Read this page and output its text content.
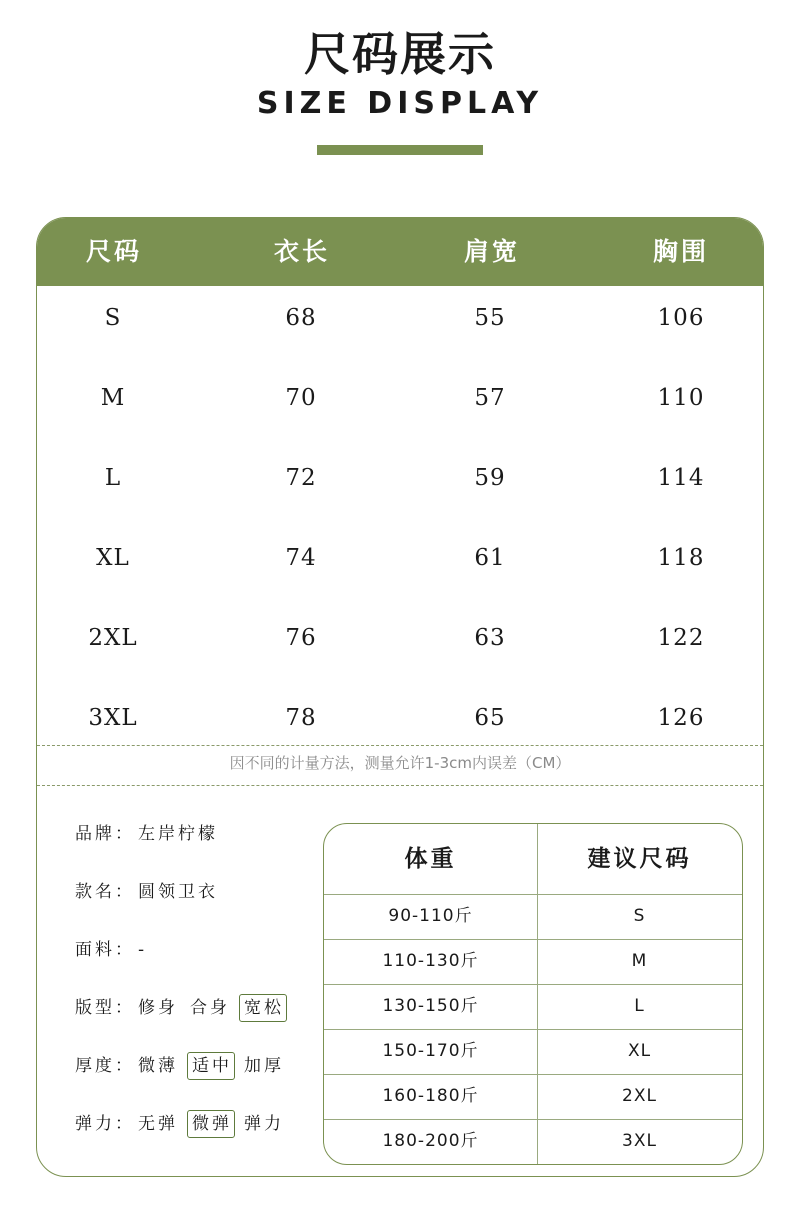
尺码展示
SIZE DISPLAY
尺码	衣长	肩宽	胸围
S	68	55	106
M	70	57	110
L	72	59	114
XL	74	61	118
2XL	76	63	122
3XL	78	65	126
因不同的计量方法，测量允许1-3cm内误差（CM）
品牌： 左岸柠檬
款名： 圆领卫衣
面料： -
版型： 修身 合身 宽松
厚度： 微薄 适中 加厚
弹力： 无弹 微弹 弹力
体重	建议尺码
90-110斤	S
110-130斤	M
130-150斤	L
150-170斤	XL
160-180斤	2XL
180-200斤	3XL
